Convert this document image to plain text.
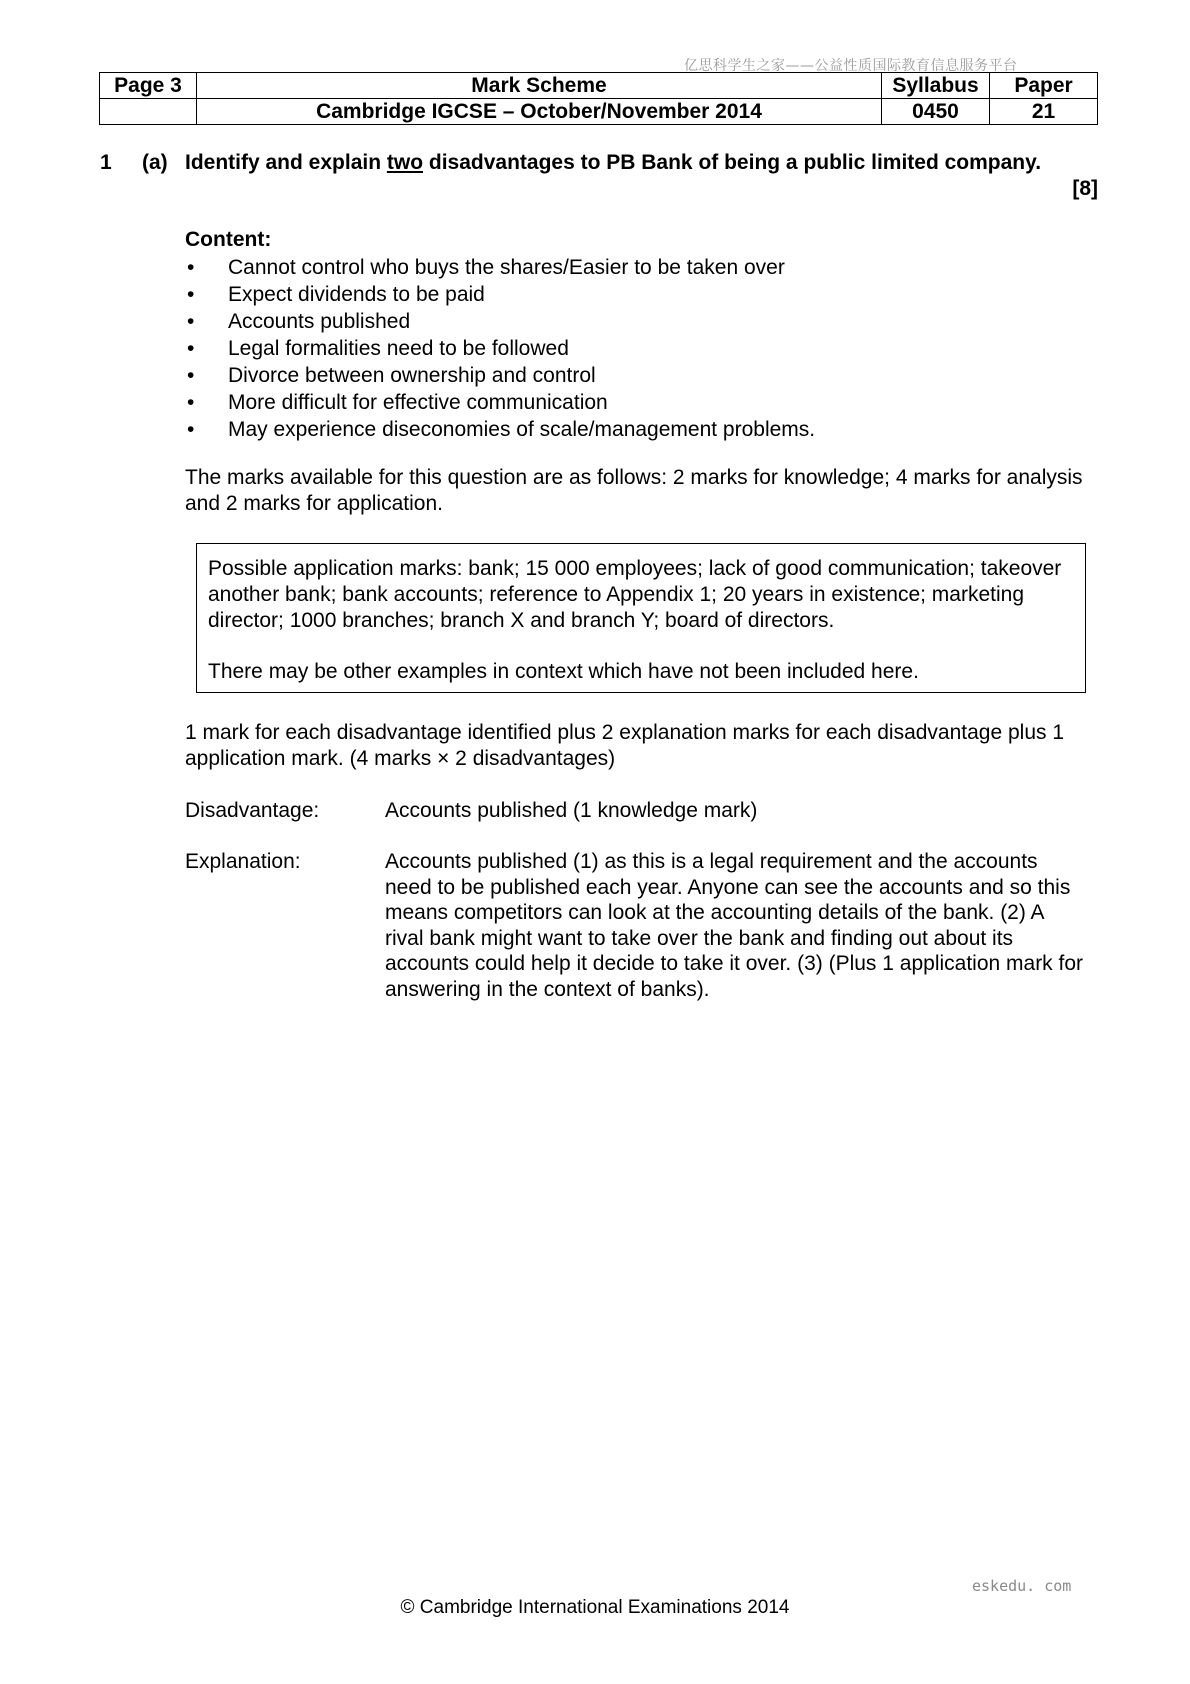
亿思科学生之家——公益性质国际教育信息服务平台
Page 3	Mark Scheme	Syllabus	Paper
	Cambridge IGCSE – October/November 2014	0450	21
1 (a) Identify and explain two disadvantages to PB Bank of being a public limited company.
[8]
Content:
• Cannot control who buys the shares/Easier to be taken over
• Expect dividends to be paid
• Accounts published
• Legal formalities need to be followed
• Divorce between ownership and control
• More difficult for effective communication
• May experience diseconomies of scale/management problems.
The marks available for this question are as follows: 2 marks for knowledge; 4 marks for analysis and 2 marks for application.

Possible application marks: bank; 15 000 employees; lack of good communication; takeover another bank; bank accounts; reference to Appendix 1; 20 years in existence; marketing director; 1000 branches; branch X and branch Y; board of directors.

There may be other examples in context which have not been included here.

1 mark for each disadvantage identified plus 2 explanation marks for each disadvantage plus 1 application mark. (4 marks × 2 disadvantages)
Disadvantage:	Accounts published (1 knowledge mark)
Explanation:	Accounts published (1) as this is a legal requirement and the accounts need to be published each year. Anyone can see the accounts and so this means competitors can look at the accounting details of the bank. (2) A rival bank might want to take over the bank and finding out about its accounts could help it decide to take it over. (3) (Plus 1 application mark for answering in the context of banks).
eskedu. com
© Cambridge International Examinations 2014
